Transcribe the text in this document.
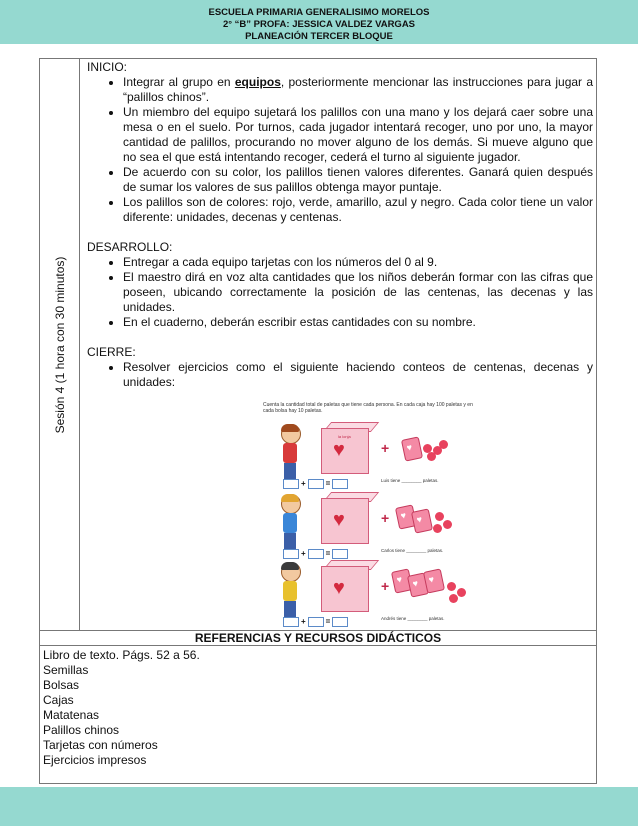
ESCUELA PRIMARIA GENERALISIMO MORELOS
2° “B” PROFA: JESSICA VALDEZ VARGAS
PLANEACIÓN TERCER BLOQUE
Sesión 4 (1 hora con 30 minutos)

INICIO:

• Integrar al grupo en equipos, posteriormente mencionar las instrucciones para jugar a “palillos chinos”.
• Un miembro del equipo sujetará los palillos con una mano y los dejará caer sobre una mesa o en el suelo. Por turnos, cada jugador intentará recoger, uno por uno, la mayor cantidad de palillos, procurando no mover alguno de los demás. Si mueve alguno que no sea el que está intentando recoger, cederá el turno al siguiente jugador.
• De acuerdo con su color, los palillos tienen valores diferentes. Ganará quien después de sumar los valores de sus palillos obtenga mayor puntaje.
• Los palillos son de colores: rojo, verde, amarillo, azul y negro. Cada color tiene un valor diferente: unidades, decenas y centenas.

DESARROLLO:

• Entregar a cada equipo tarjetas con los números del 0 al 9.
• El maestro dirá en voz alta cantidades que los niños deberán formar con las cifras que poseen, ubicando correctamente la posición de las centenas, las decenas y las unidades.
• En el cuaderno, deberán escribir estas cantidades con su nombre.

CIERRE:

• Resolver ejercicios como el siguiente haciendo conteos de centenas, decenas y unidades:
Cuenta la cantidad total de paletas que tiene cada persona. En cada caja hay 100 paletas y en cada bolsa hay 10 paletas.
la lonja
♥	+
♥
+	=	Luis tiene ________ paletas.
♥	+
♥
♥
+	=	Carlos tiene ________ paletas.
♥	+
♥
♥
♥
+	=	Andrés tiene ________ paletas.
REFERENCIAS Y RECURSOS DIDÁCTICOS
Libro de texto. Págs. 52 a 56.
Semillas
Bolsas
Cajas
Matatenas
Palillos chinos
Tarjetas con números
Ejercicios impresos
